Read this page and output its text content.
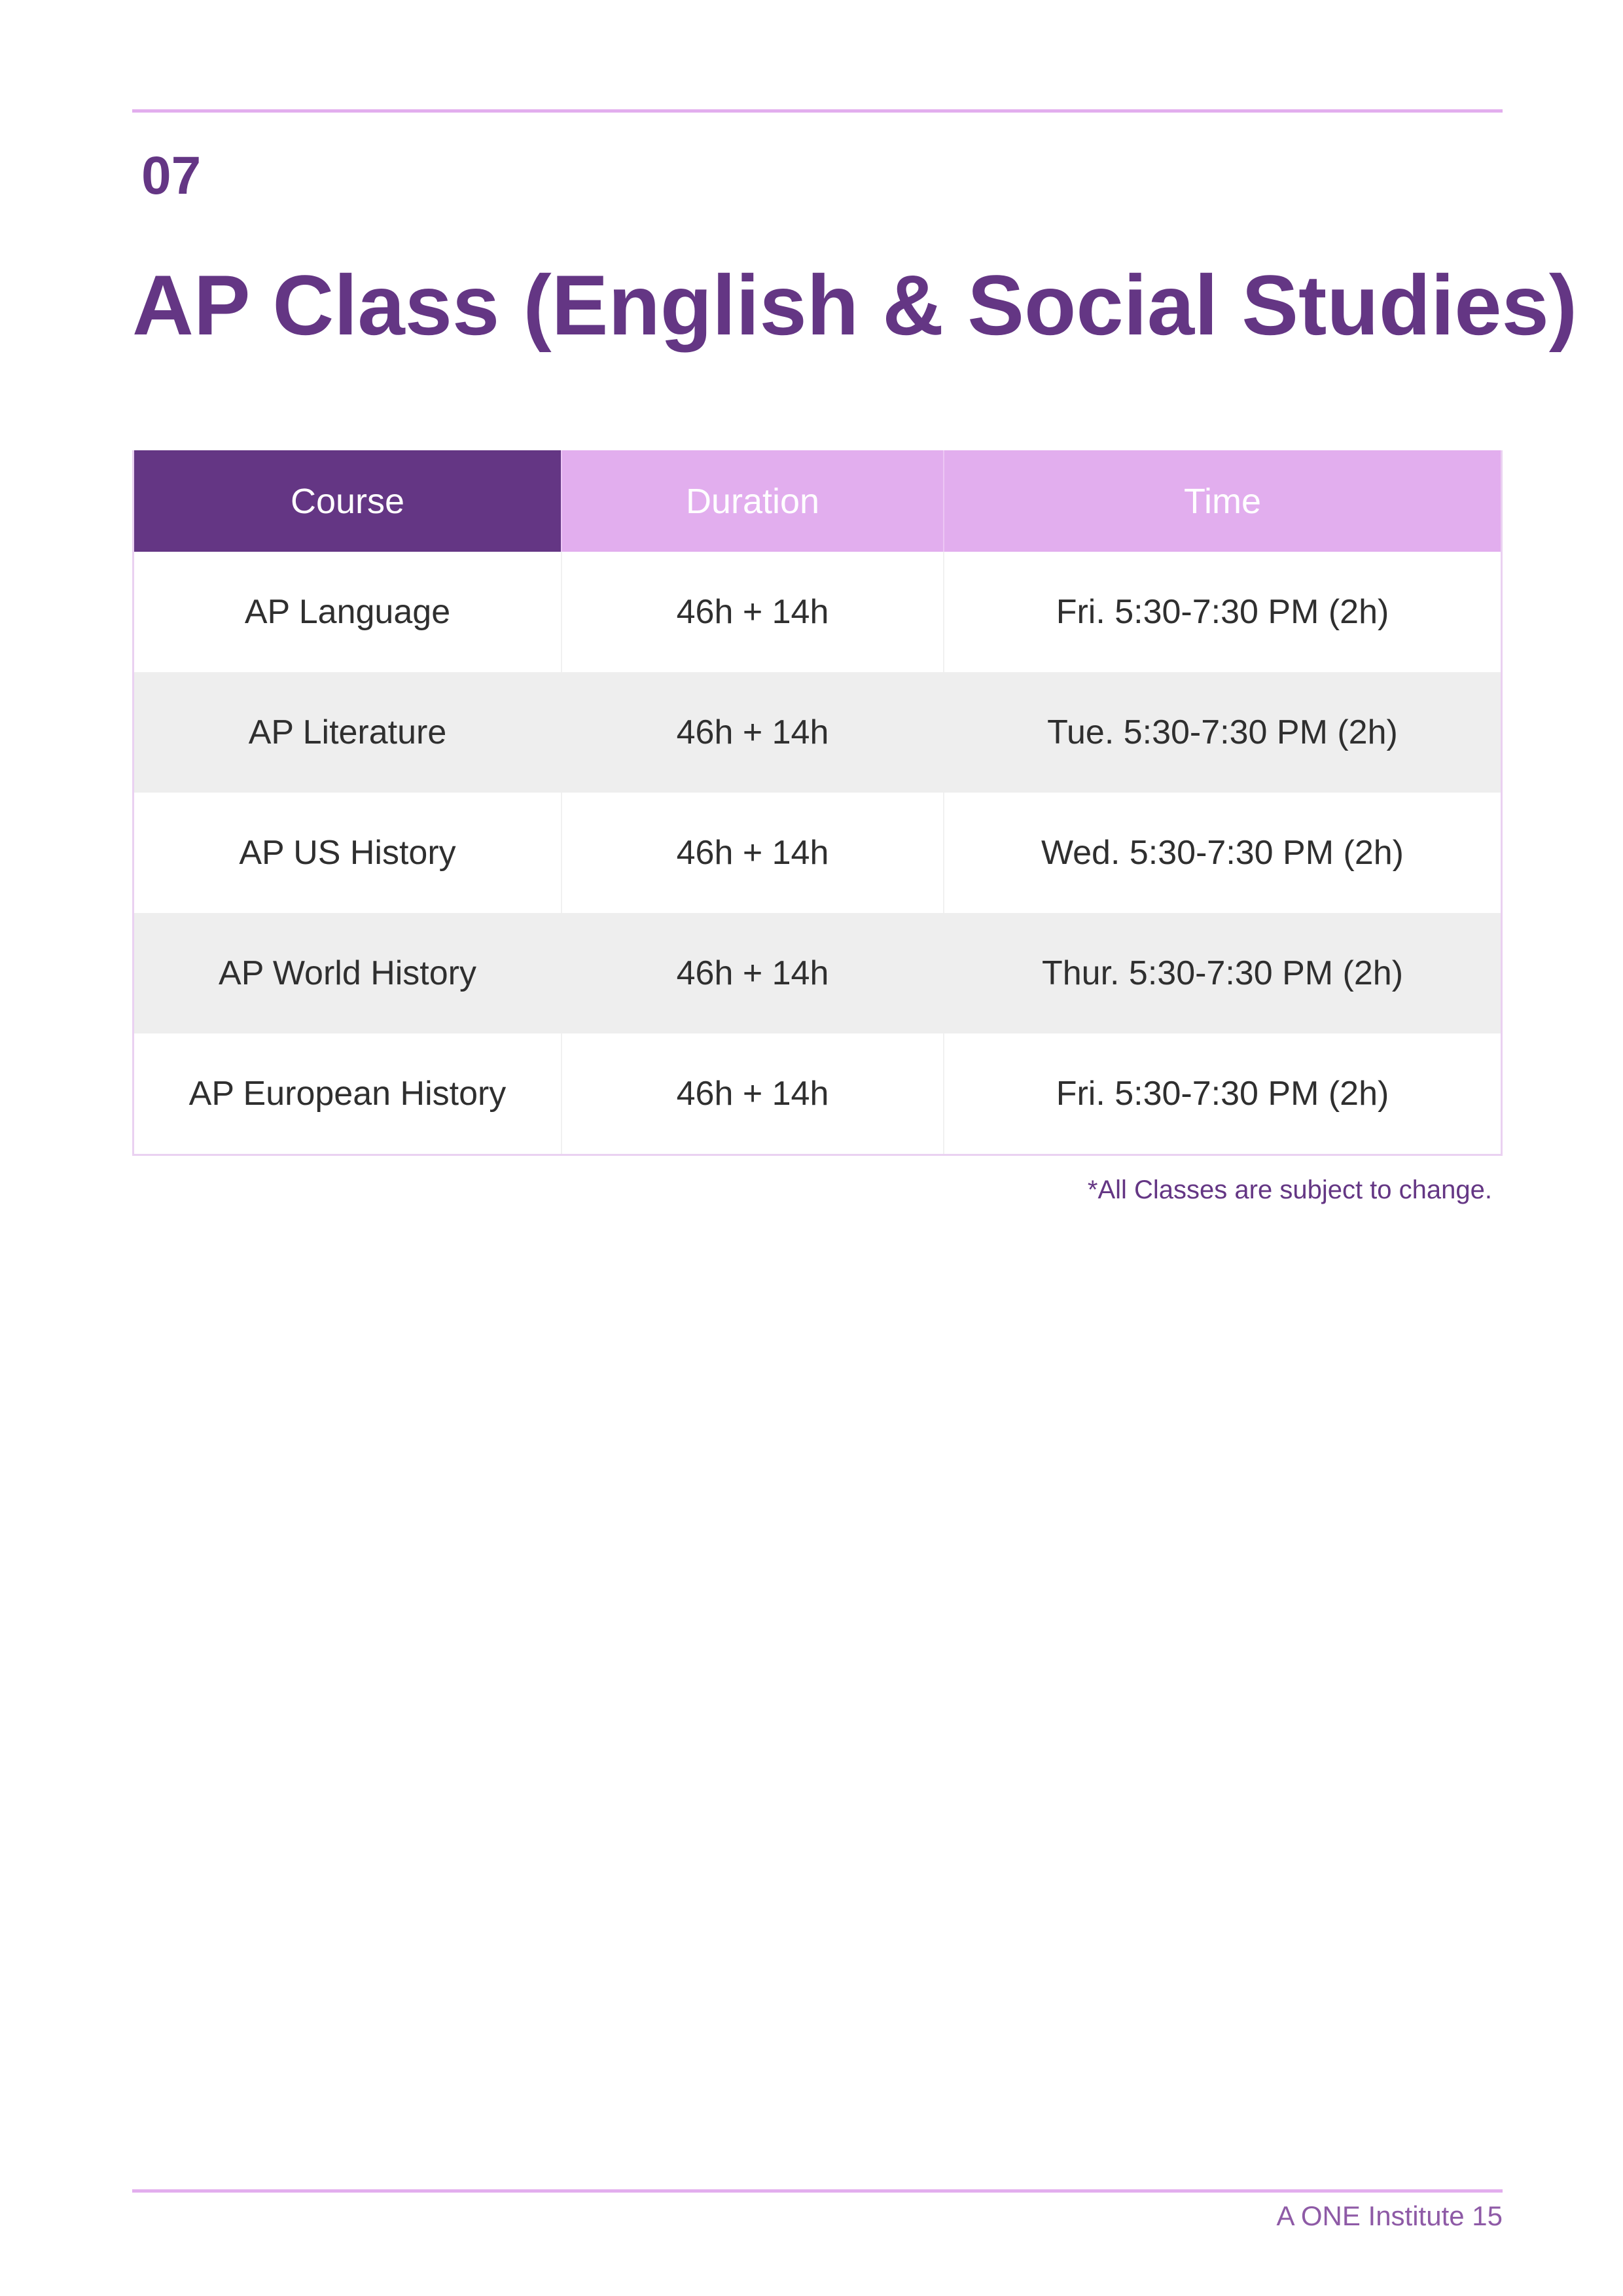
07
AP Class (English & Social Studies)
Course	Duration	Time
AP Language	46h + 14h	Fri. 5:30-7:30 PM (2h)
AP Literature	46h + 14h	Tue. 5:30-7:30 PM (2h)
AP US History	46h + 14h	Wed. 5:30-7:30 PM (2h)
AP World History	46h + 14h	Thur. 5:30-7:30 PM (2h)
AP European History	46h + 14h	Fri. 5:30-7:30 PM (2h)
*All Classes are subject to change.
A ONE Institute 15
